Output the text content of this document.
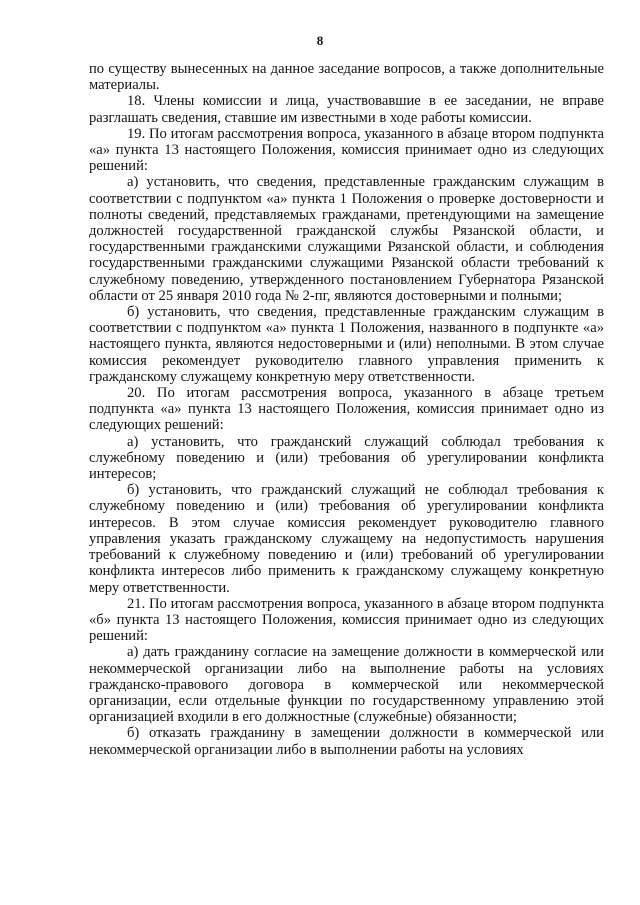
8

по существу вынесенных на данное заседание вопросов, а также дополнительные материалы.

18. Члены комиссии и лица, участвовавшие в ее заседании, не вправе разглашать сведения, ставшие им известными в ходе работы комиссии.

19. По итогам рассмотрения вопроса, указанного в абзаце втором подпункта «а» пункта 13 настоящего Положения, комиссия принимает одно из следующих решений:

а) установить, что сведения, представленные гражданским служащим в соответствии с подпунктом «а» пункта 1 Положения о проверке достоверности и полноты сведений, представляемых гражданами, претендующими на замещение должностей государственной гражданской службы Рязанской области, и государственными гражданскими служащими Рязанской области, и соблюдения государственными гражданскими служащими Рязанской области требований к служебному поведению, утвержденного постановлением Губернатора Рязанской области от 25 января 2010 года № 2-пг, являются достоверными и полными;

б) установить, что сведения, представленные гражданским служащим в соответствии с подпунктом «а» пункта 1 Положения, названного в подпункте «а» настоящего пункта, являются недостоверными и (или) неполными. В этом случае комиссия рекомендует руководителю главного управления применить к гражданскому служащему конкретную меру ответственности.

20. По итогам рассмотрения вопроса, указанного в абзаце третьем подпункта «а» пункта 13 настоящего Положения, комиссия принимает одно из следующих решений:

а) установить, что гражданский служащий соблюдал требования к служебному поведению и (или) требования об урегулировании конфликта интересов;

б) установить, что гражданский служащий не соблюдал требования к служебному поведению и (или) требования об урегулировании конфликта интересов. В этом случае комиссия рекомендует руководителю главного управления указать гражданскому служащему на недопустимость нарушения требований к служебному поведению и (или) требований об урегулировании конфликта интересов либо применить к гражданскому служащему конкретную меру ответственности.

21. По итогам рассмотрения вопроса, указанного в абзаце втором подпункта «б» пункта 13 настоящего Положения, комиссия принимает одно из следующих решений:

а) дать гражданину согласие на замещение должности в коммерческой или некоммерческой организации либо на выполнение работы на условиях гражданско-правового договора в коммерческой или некоммерческой организации, если отдельные функции по государственному управлению этой организацией входили в его должностные (служебные) обязанности;

б) отказать гражданину в замещении должности в коммерческой или некоммерческой организации либо в выполнении работы на условиях
